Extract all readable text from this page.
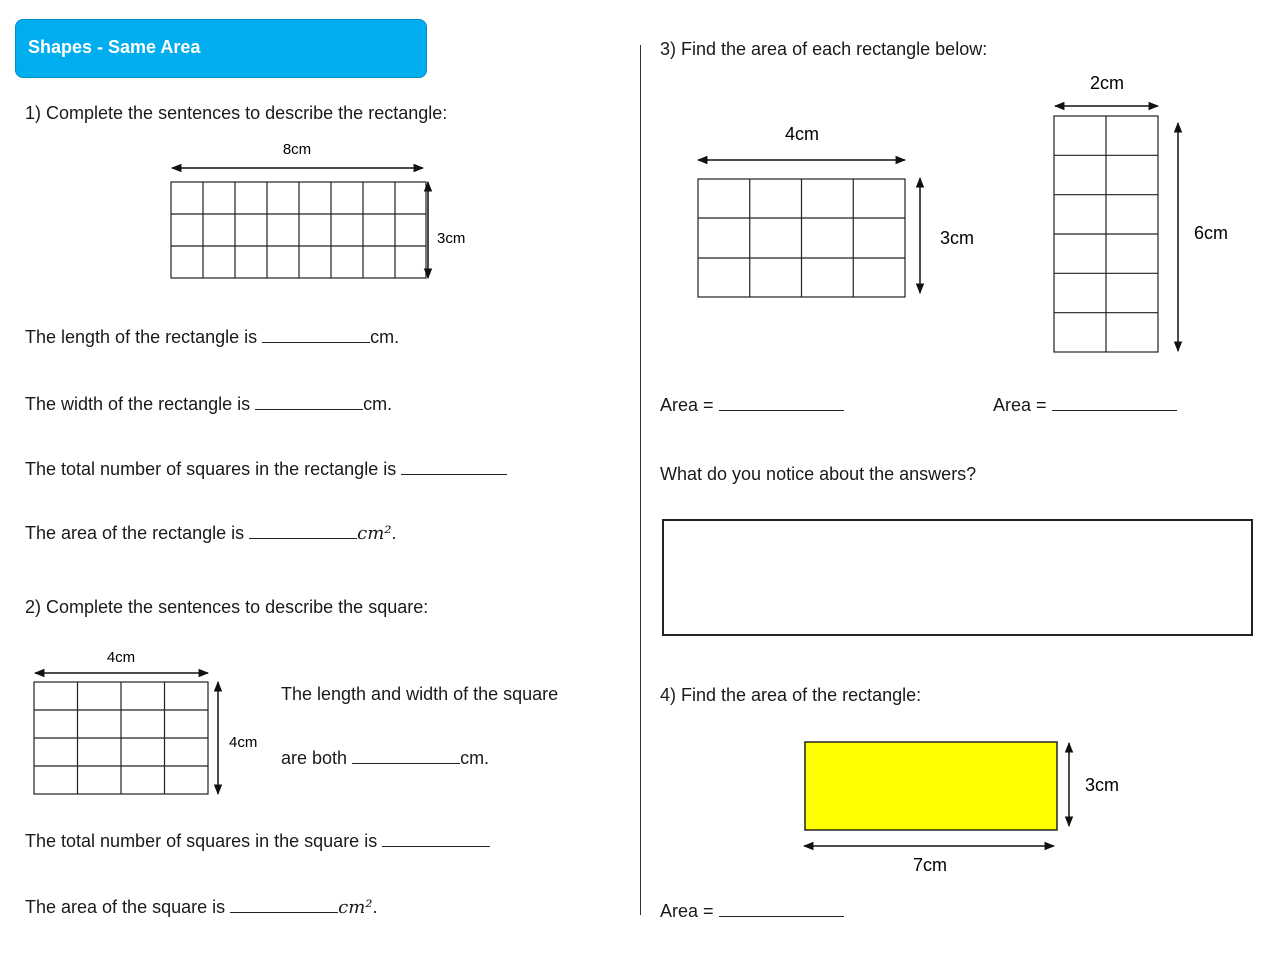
Shapes - Same Area
1) Complete the sentences to describe the rectangle:
8cm
3cm
The length of the rectangle is	cm.
The width of the rectangle is	cm.
The total number of squares in the rectangle is
The area of the rectangle is	cm².
2) Complete the sentences to describe the square:
4cm
4cm
The length and width of the square
are both	cm.
The total number of squares in the square is
The area of the square is	cm².
3) Find the area of each rectangle below:
4cm
3cm
2cm
6cm
Area =	Area =
What do you notice about the answers?
4) Find the area of the rectangle:
3cm
7cm
Area =
